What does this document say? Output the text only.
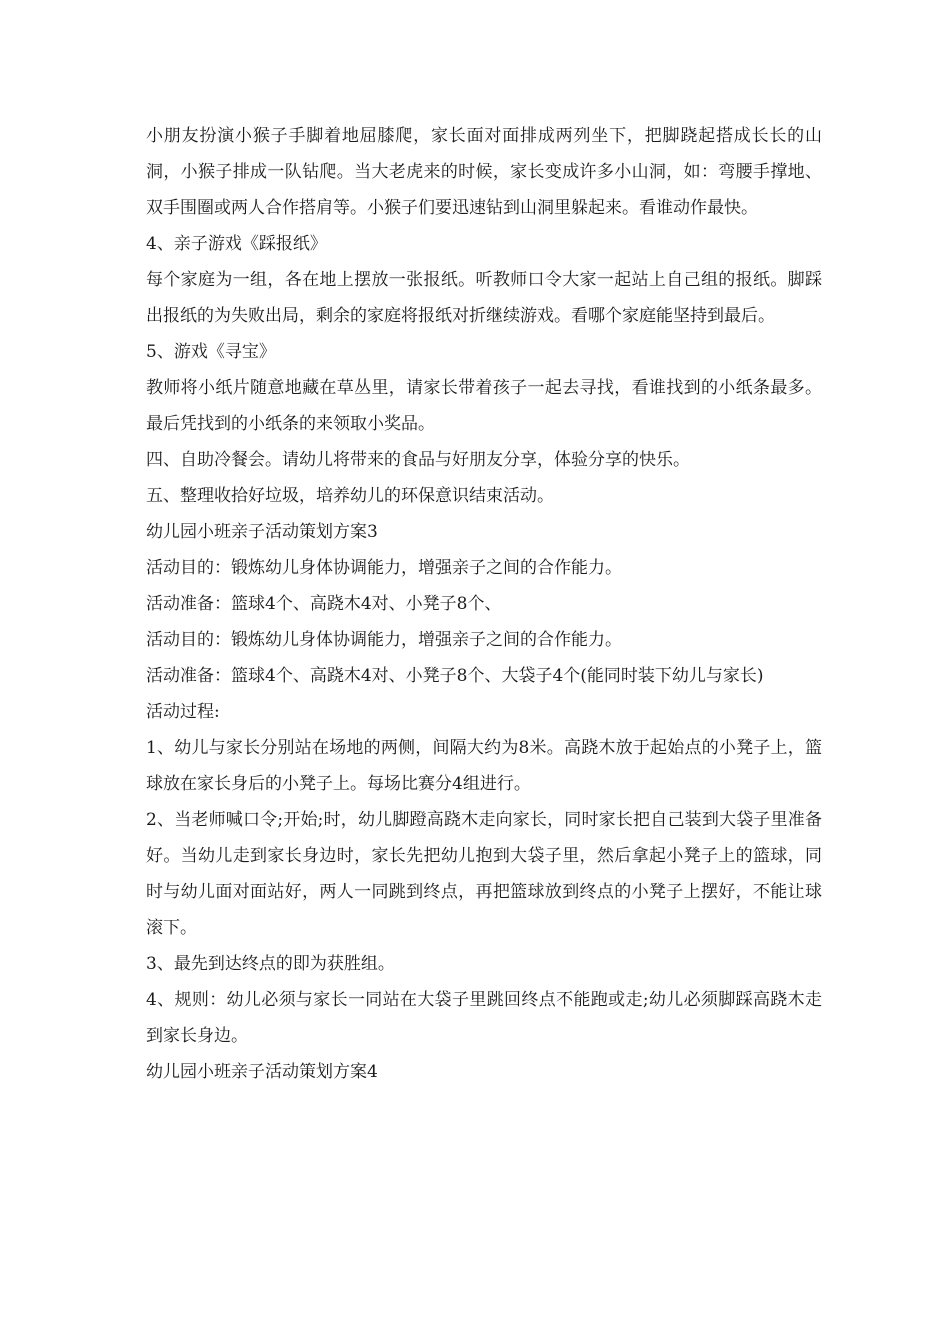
小朋友扮演小猴子手脚着地屈膝爬，家长面对面排成两列坐下，把脚跷起搭成长长的山洞，小猴子排成一队钻爬。当大老虎来的时候，家长变成许多小山洞，如：弯腰手撑地、双手围圈或两人合作搭肩等。小猴子们要迅速钻到山洞里躲起来。看谁动作最快。

4、亲子游戏《踩报纸》

每个家庭为一组，各在地上摆放一张报纸。听教师口令大家一起站上自己组的报纸。脚踩出报纸的为失败出局，剩余的家庭将报纸对折继续游戏。看哪个家庭能坚持到最后。

5、游戏《寻宝》

教师将小纸片随意地藏在草丛里，请家长带着孩子一起去寻找，看谁找到的小纸条最多。最后凭找到的小纸条的来领取小奖品。

四、自助冷餐会。请幼儿将带来的食品与好朋友分享，体验分享的快乐。

五、整理收拾好垃圾，培养幼儿的环保意识结束活动。

幼儿园小班亲子活动策划方案3

活动目的：锻炼幼儿身体协调能力，增强亲子之间的合作能力。

活动准备：篮球4个、高跷木4对、小凳子8个、

活动目的：锻炼幼儿身体协调能力，增强亲子之间的合作能力。

活动准备：篮球4个、高跷木4对、小凳子8个、大袋子4个(能同时装下幼儿与家长)

活动过程:

1、幼儿与家长分别站在场地的两侧，间隔大约为8米。高跷木放于起始点的小凳子上，篮球放在家长身后的小凳子上。每场比赛分4组进行。

2、当老师喊口令;开始;时，幼儿脚蹬高跷木走向家长，同时家长把自己装到大袋子里准备好。当幼儿走到家长身边时，家长先把幼儿抱到大袋子里，然后拿起小凳子上的篮球，同时与幼儿面对面站好，两人一同跳到终点，再把篮球放到终点的小凳子上摆好，不能让球滚下。

3、最先到达终点的即为获胜组。

4、规则：幼儿必须与家长一同站在大袋子里跳回终点不能跑或走;幼儿必须脚踩高跷木走到家长身边。

幼儿园小班亲子活动策划方案4
